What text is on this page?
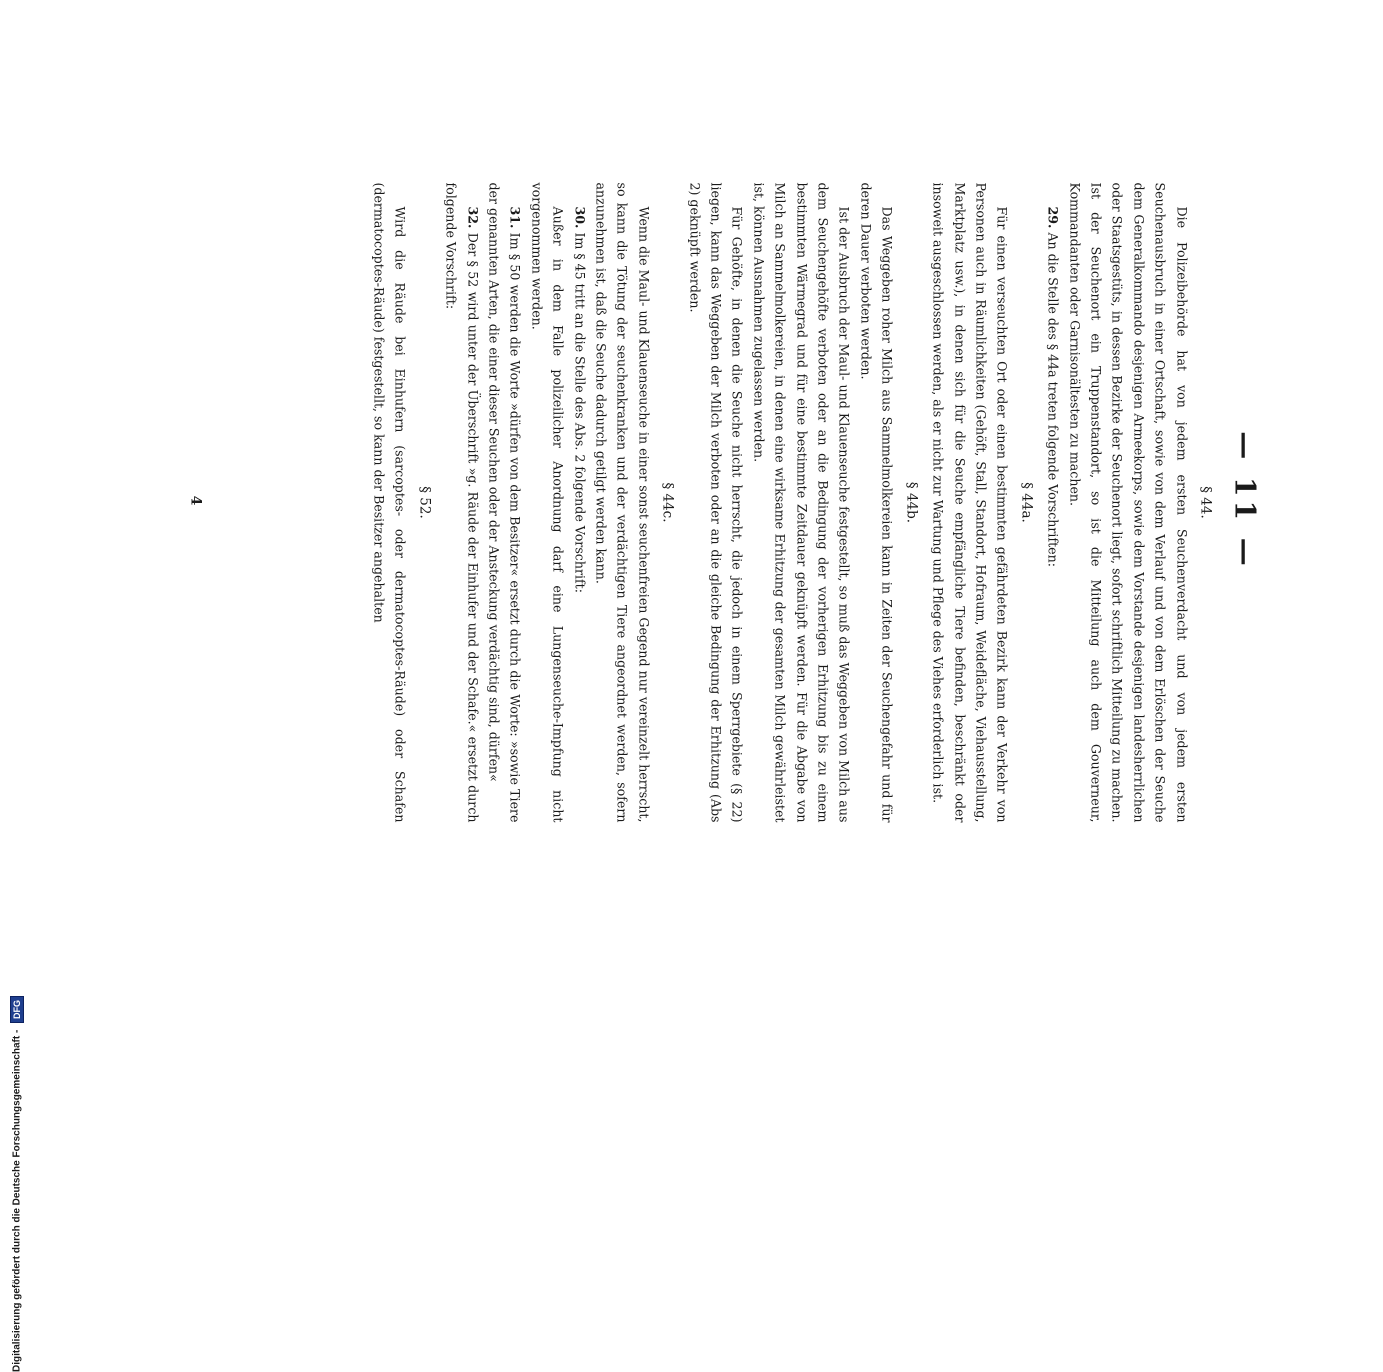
— 11 —
§ 44.

Die Polizeibehörde hat von jedem ersten Seuchenverdacht und von jedem ersten Seuchenausbruch in einer Ortschaft, sowie von dem Verlauf und von dem Erlöschen der Seuche dem Generalkommando desjenigen Armeekorps, sowie dem Vorstande desjenigen landesherrlichen oder Staatsgestüts, in dessen Bezirke der Seuchenort liegt, sofort schriftlich Mitteilung zu machen. Ist der Seuchenort ein Truppenstandort, so ist die Mitteilung auch dem Gouverneur, Kommandanten oder Garnisonältesten zu machen.

29. An die Stelle des § 44a treten folgende Vorschriften:

§ 44a.

Für einen verseuchten Ort oder einen bestimmten gefährdeten Bezirk kann der Verkehr von Personen auch in Räumlichkeiten (Gehöft, Stall, Standort, Hofraum, Weidefläche, Viehausstellung, Marktplatz usw.), in denen sich für die Seuche empfängliche Tiere befinden, beschränkt oder insoweit ausgeschlossen werden, als er nicht zur Wartung und Pflege des Viehes erforderlich ist.

§ 44b.

Das Weggeben roher Milch aus Sammelmolkereien kann in Zeiten der Seuchengefahr und für deren Dauer verboten werden.

Ist der Ausbruch der Maul- und Klauenseuche festgestellt, so muß das Weggeben von Milch aus dem Seuchengehöfte verboten oder an die Bedingung der vorherigen Erhitzung bis zu einem bestimmten Wärmegrad und für eine bestimmte Zeitdauer geknüpft werden. Für die Abgabe von Milch an Sammelmolkereien, in denen eine wirksame Erhitzung der gesamten Milch gewährleistet ist, können Ausnahmen zugelassen werden.

Für Gehöfte, in denen die Seuche nicht herrscht, die jedoch in einem Sperrgebiete (§ 22) liegen, kann das Weggeben der Milch verboten oder an die gleiche Bedingung der Erhitzung (Abs 2) geknüpft werden.

§ 44c.

Wenn die Maul- und Klauenseuche in einer sonst seuchenfreien Gegend nur vereinzelt herrscht, so kann die Tötung der seuchenkranken und der verdächtigen Tiere angeordnet werden, sofern anzunehmen ist, daß die Seuche dadurch getilgt werden kann.

30. Im § 45 tritt an die Stelle des Abs. 2 folgende Vorschrift:

Außer in dem Falle polizeilicher Anordnung darf eine Lungenseuche-Impfung nicht vorgenommen werden.

31. Im § 50 werden die Worte »dürfen von dem Besitzer« ersetzt durch die Worte: »sowie Tiere der genannten Arten, die einer dieser Seuchen oder der Ansteckung verdächtig sind, dürfen«

32. Der § 52 wird unter der Überschrift »g. Räude der Einhufer und der Schafe.« ersetzt durch folgende Vorschrift:

§ 52.

Wird die Räude bei Einhufern (sarcoptes- oder dermatocoptes-Räude) oder Schafen (dermatocoptes-Räude) festgestellt, so kann der Besitzer angehalten

4
Digitalisierung gefördert durch die Deutsche Forschungsgemeinschaft - DFG
